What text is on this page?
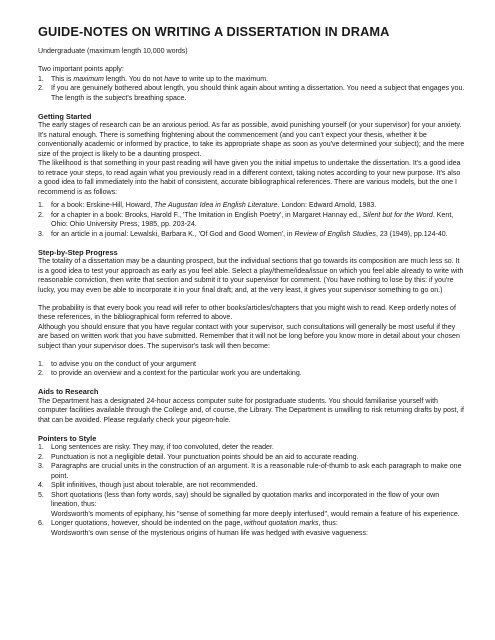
GUIDE-NOTES ON WRITING A DISSERTATION IN DRAMA

Undergraduate (maximum length 10,000 words)

Two important points apply:

1.	This is maximum length. You do not have to write up to the maximum.
2.	If you are genuinely bothered about length, you should think again about writing a dissertation. You need a subject that engages you. The length is the subject's breathing space.
Getting Started

The early stages of research can be an anxious period. As far as possible, avoid punishing yourself (or your supervisor) for your anxiety. It's natural enough. There is something frightening about the commencement (and you can't expect your thesis, whether it be conventionally academic or informed by practice, to take its appropriate shape as soon as you've determined your subject); and the mere size of the project is likely to be a daunting prospect.

The likelihood is that something in your past reading will have given you the initial impetus to undertake the dissertation. It's a good idea to retrace your steps, to read again what you previously read in a different context, taking notes according to your new purpose. It's also a good idea to fall immediately into the habit of consistent, accurate bibliographical references. There are various models, but the one I recommend is as follows:

1.	for a book: Erskine-Hill, Howard, The Augustan Idea in English Literature. London: Edward Arnold, 1983.
2.	for a chapter in a book: Brooks, Harold F., 'The Imitation in English Poetry', in Margaret Hannay ed., Silent but for the Word. Kent, Ohio: Ohio University Press, 1985, pp. 203-24.
3.	for an article in a journal: Lewalski, Barbara K., 'Of God and Good Women', in Review of English Studies, 23 (1949), pp.124-40.
Step-by-Step Progress

The totality of a dissertation may be a daunting prospect, but the individual sections that go towards its composition are much less so. It is a good idea to test your approach as early as you feel able. Select a play/theme/idea/issue on which you feel able already to write with reasonable conviction, then write that section and submit it to your supervisor for comment. (You have nothing to lose by this: if you're lucky, you may even be able to incorporate it in your final draft; and, at the very least, it gives your supervisor something to go on.)

The probability is that every book you read will refer to other books/articles/chapters that you might wish to read. Keep orderly notes of these references, in the bibliographical form referred to above.

Although you should ensure that you have regular contact with your supervisor, such consultations will generally be most useful if they are based on written work that you have submitted. Remember that it will not be long before you know more in detail about your chosen subject than your supervisor does. The supervisor's task will then become:

1.	to advise you on the conduct of your argument
2.	to provide an overview and a context for the particular work you are undertaking.
Aids to Research

The Department has a designated 24-hour access computer suite for postgraduate students. You should familiarise yourself with computer facilities available through the College and, of course, the Library. The Department is unwilling to risk returning drafts by post, if that can be avoided. Please regularly check your pigeon-hole.

Pointers to Style
1.	Long sentences are risky. They may, if too convoluted, deter the reader.
2.	Punctuation is not a negligible detail. Your punctuation points should be an aid to accurate reading.
3.	Paragraphs are crucial units in the construction of an argument. It is a reasonable rule-of-thumb to ask each paragraph to make one point.
4.	Split infinitives, though just about tolerable, are not recommended.
5.	Short quotations (less than forty words, say) should be signalled by quotation marks and incorporated in the flow of your own lineation, thus:
Wordsworth's moments of epiphany, his "sense of something far more deeply interfused", would remain a feature of his experience.
6.	Longer quotations, however, should be indented on the page, without quotation marks, thus:
Wordsworth's own sense of the mysterious origins of human life was hedged with evasive vagueness:
